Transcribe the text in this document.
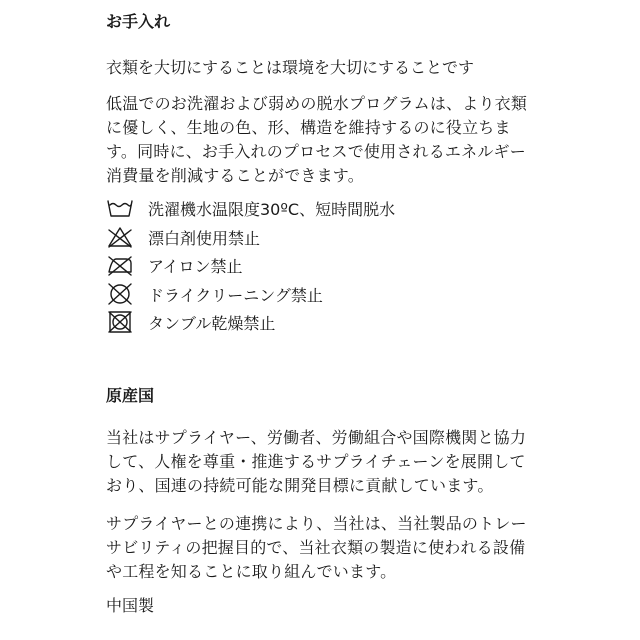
お手入れ
衣類を大切にすることは環境を大切にすることです
低温でのお洗濯および弱めの脱水プログラムは、より衣類
に優しく、生地の色、形、構造を維持するのに役立ちま
す。同時に、お手入れのプロセスで使用されるエネルギー
消費量を削減することができます。
洗濯機水温限度30ºC、短時間脱水
漂白剤使用禁止
アイロン禁止
ドライクリーニング禁止
タンブル乾燥禁止
原産国
当社はサプライヤー、労働者、労働組合や国際機関と協力
して、人権を尊重・推進するサプライチェーンを展開して
おり、国連の持続可能な開発目標に貢献しています。
サプライヤーとの連携により、当社は、当社製品のトレー
サビリティの把握目的で、当社衣類の製造に使われる設備
や工程を知ることに取り組んでいます。
中国製
